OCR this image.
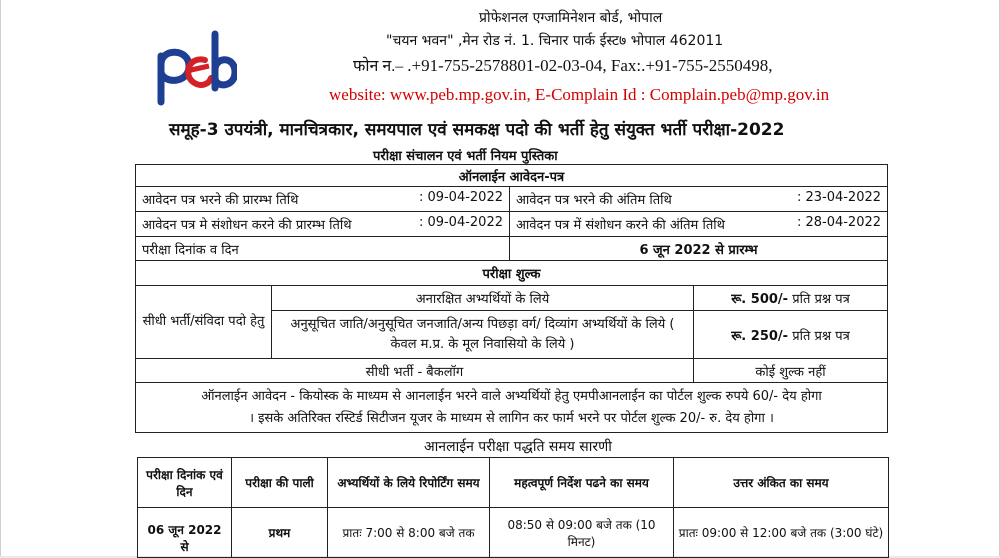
प्रोफेशनल एग्जामिनेशन बोर्ड, भोपाल
"चयन भवन" ,मेन रोड नं. 1. चिनार पार्क ईस्ट७ भोपाल 462011
फोन न.– .+91-755-2578801-02-03-04, Fax:.+91-755-2550498,
website: www.peb.mp.gov.in, E-Complain Id : Complain.peb@mp.gov.in
समूह-3 उपयंत्री, मानचित्रकार, समयपाल एवं समकक्ष पदो की भर्ती हेतु संयुक्त भर्ती परीक्षा-2022
परीक्षा संचालन एवं भर्ती नियम पुस्तिका
ऑनलाईन आवेदन-पत्र	

आवेदन पत्र भरने की प्रारम्भ तिथि : 09-04-2022	आवेदन पत्र भरने की अंतिम तिथि : 23-04-2022

आवेदन पत्र मे संशोधन करने की प्रारम्भ तिथि : 09-04-2022	आवेदन पत्र में संशोधन करने की अंतिम तिथि : 28-04-2022

परीक्षा दिनांक व दिन	6 जून 2022 से प्रारम्भ
परीक्षा शुल्क		
सीधी भर्ती/संविदा पदो हेतु	अनारक्षित अभ्यर्थियों के लिये	रू. 500/- प्रति प्रश्न पत्र
	अनुसूचित जाति/अनुसूचित जनजाति/अन्य पिछड़ा वर्ग/ दिव्यांग अभ्यर्थियों के लिये ( केवल म.प्र. के मूल निवासियो के लिये )	रू. 250/- प्रति प्रश्न पत्र
सीधी भर्ती - बैकलॉग		कोई शुल्क नहीं

ऑनलाईन आवेदन - कियोस्क के माध्यम से आनलाईन भरने वाले अभ्यर्थियों हेतु एमपीआनलाईन का पोर्टल शुल्क रुपये 60/- देय होगा
। इसके अतिरिक्त रस्टिर्ड सिटीजन यूजर के माध्यम से लागिन कर फार्म भरने पर पोर्टल शुल्क 20/- रु. देय होगा ।		
आनलाईन परीक्षा पद्धति समय सारणी
परीक्षा दिनांक एवं दिन	परीक्षा की पाली	अभ्यर्थियों के लिये रिपोर्टिंग समय	महत्वपूर्ण निर्देश पढने का समय	उत्तर अंकित का समय
06 जून 2022 से	प्रथम	प्रातः 7:00 से 8:00 बजे तक	08:50 से 09:00 बजे तक (10 मिनट)	प्रातः 09:00 से 12:00 बजे तक (3:00 घंटे)
